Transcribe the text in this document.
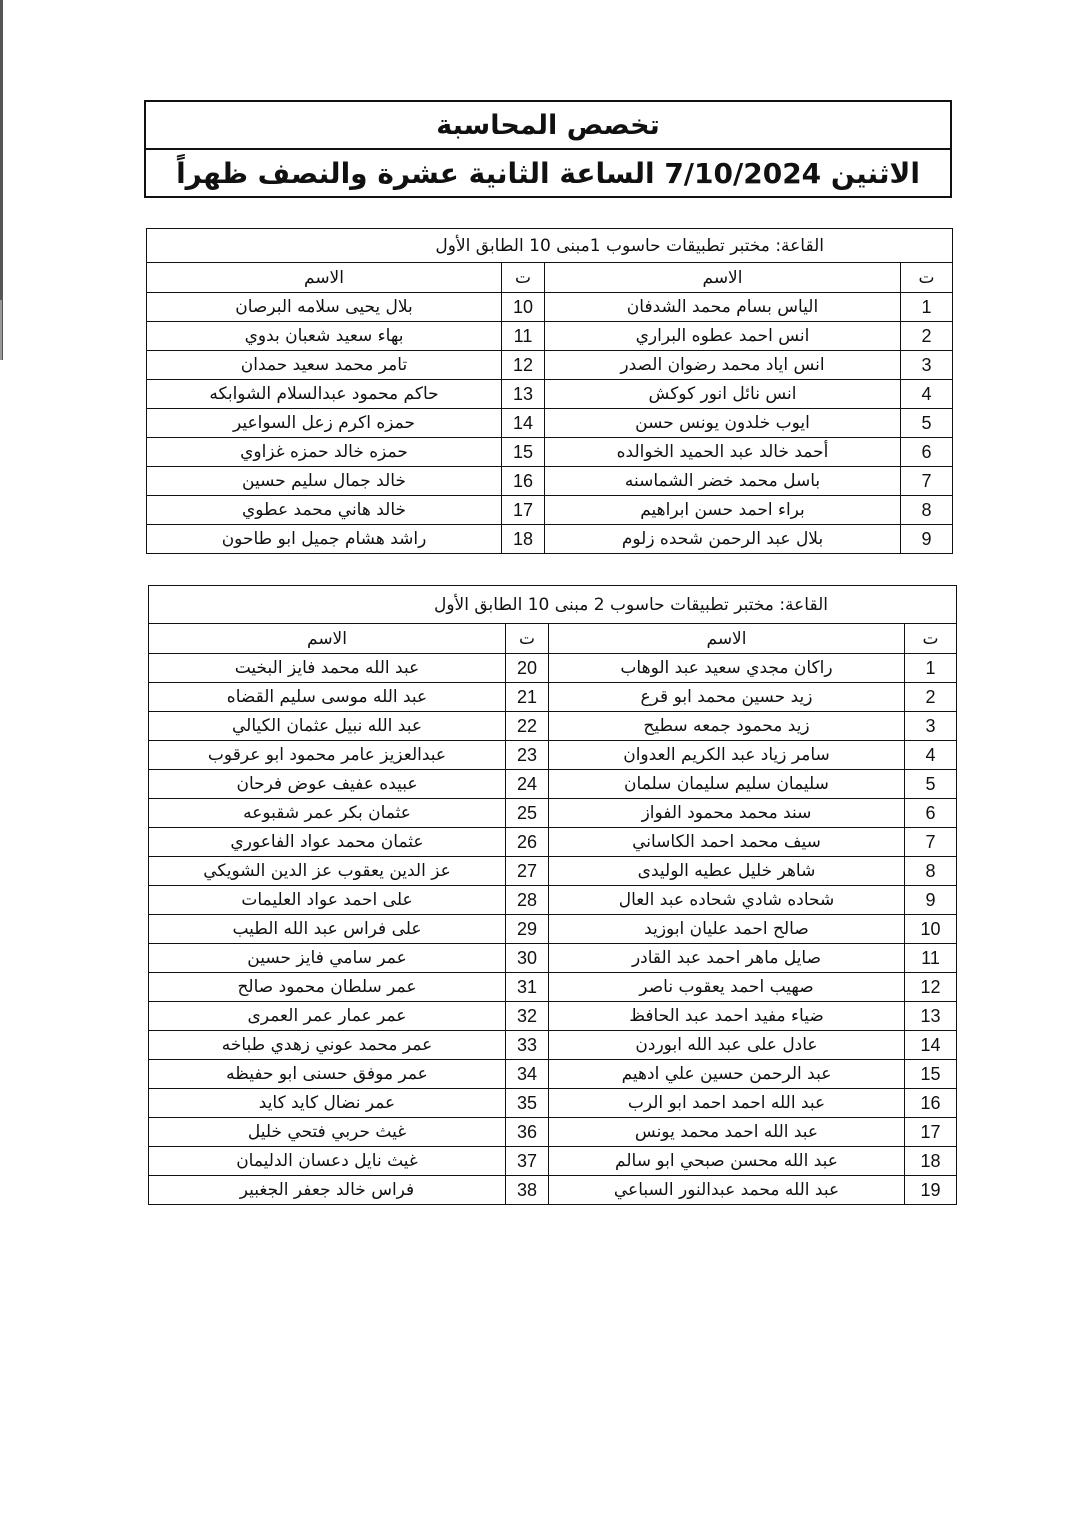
تخصص المحاسبة
الاثنين 7/10/2024 الساعة الثانية عشرة والنصف ظهراً
القاعة: مختبر تطبيقات حاسوب 1مبنى 10 الطابق الأول			
ت	الاسم	ت	الاسم
1	الياس بسام محمد الشدفان	10	بلال يحيى سلامه البرصان
2	انس احمد عطوه البراري	11	بهاء سعيد شعبان بدوي
3	انس اياد محمد رضوان الصدر	12	تامر محمد سعيد حمدان
4	انس نائل انور كوكش	13	حاكم محمود عبدالسلام الشوابكه
5	ايوب خلدون يونس حسن	14	حمزه اكرم زعل السواعير
6	أحمد خالد عبد الحميد الخوالده	15	حمزه خالد حمزه غزاوي
7	باسل محمد خضر الشماسنه	16	خالد جمال سليم حسين
8	براء احمد حسن ابراهيم	17	خالد هاني محمد عطوي
9	بلال عبد الرحمن شحده زلوم	18	راشد هشام جميل ابو طاحون
القاعة: مختبر تطبيقات حاسوب 2 مبنى 10 الطابق الأول			
ت	الاسم	ت	الاسم
1	راكان مجدي سعيد عبد الوهاب	20	عبد الله محمد فايز البخيت
2	زيد حسين محمد ابو قرع	21	عبد الله موسى سليم القضاه
3	زيد محمود جمعه سطيح	22	عبد الله نبيل عثمان الكيالي
4	سامر زياد عبد الكريم العدوان	23	عبدالعزيز عامر محمود ابو عرقوب
5	سليمان سليم سليمان سلمان	24	عبيده عفيف عوض فرحان
6	سند محمد محمود الفواز	25	عثمان بكر عمر شقبوعه
7	سيف محمد احمد الكاساني	26	عثمان محمد عواد الفاعوري
8	شاهر خليل عطيه الوليدى	27	عز الدين يعقوب عز الدين الشويكي
9	شحاده شادي شحاده عبد العال	28	على احمد عواد العليمات
10	صالح احمد عليان ابوزيد	29	على فراس عبد الله الطيب
11	صايل ماهر احمد عبد القادر	30	عمر سامي فايز حسين
12	صهيب احمد يعقوب ناصر	31	عمر سلطان محمود صالح
13	ضياء مفيد احمد عبد الحافظ	32	عمر عمار عمر العمرى
14	عادل على عبد الله ابوردن	33	عمر محمد عوني زهدي طباخه
15	عبد الرحمن حسين علي ادهيم	34	عمر موفق حسنى ابو حفيظه
16	عبد الله احمد احمد ابو الرب	35	عمر نضال كايد كايد
17	عبد الله احمد محمد يونس	36	غيث حربي فتحي خليل
18	عبد الله محسن صبحي ابو سالم	37	غيث نايل دعسان الدليمان
19	عبد الله محمد عبدالنور السباعي	38	فراس خالد جعفر الجغبير
